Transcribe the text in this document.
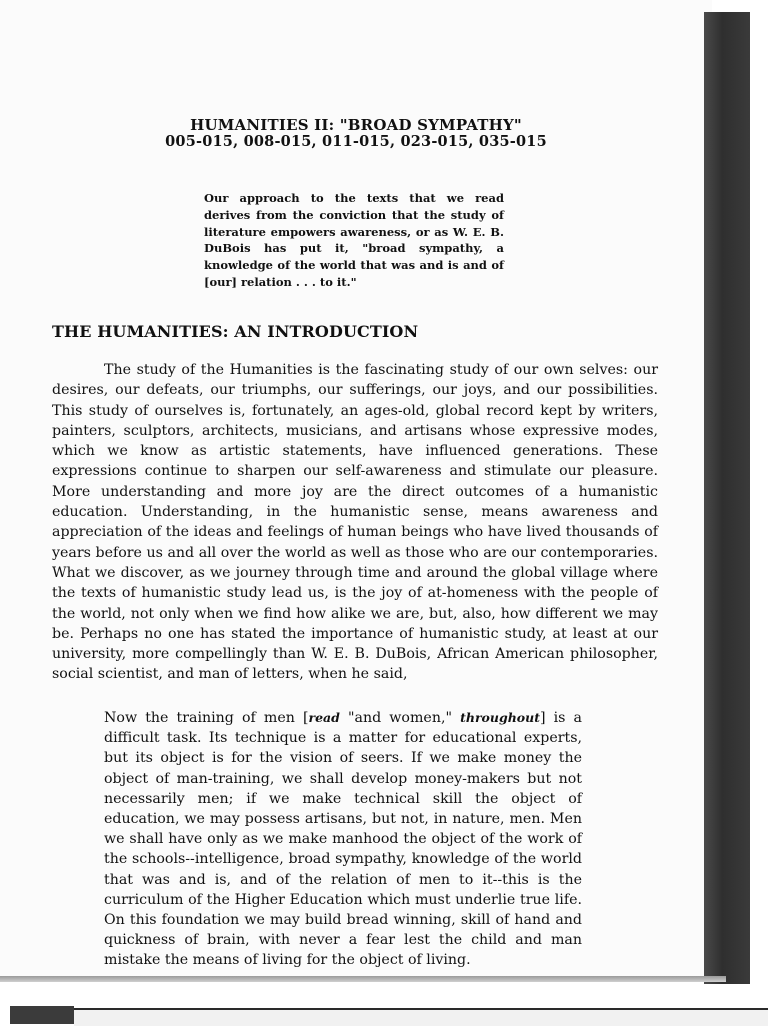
HUMANITIES II: "BROAD SYMPATHY"

005-015, 008-015, 011-015, 023-015, 035-015

Our approach to the texts that we read derives from the conviction that the study of literature empowers awareness, or as W. E. B. DuBois has put it, "broad sympathy, a knowledge of the world that was and is and of [our] relation . . . to it."

THE HUMANITIES: AN INTRODUCTION

The study of the Humanities is the fascinating study of our own selves: our desires, our defeats, our triumphs, our sufferings, our joys, and our possibilities. This study of ourselves is, fortunately, an ages-old, global record kept by writers, painters, sculptors, architects, musicians, and artisans whose expressive modes, which we know as artistic statements, have influenced generations. These expressions continue to sharpen our self-awareness and stimulate our pleasure. More understanding and more joy are the direct outcomes of a humanistic education. Understanding, in the humanistic sense, means awareness and appreciation of the ideas and feelings of human beings who have lived thousands of years before us and all over the world as well as those who are our contemporaries. What we discover, as we journey through time and around the global village where the texts of humanistic study lead us, is the joy of at-homeness with the people of the world, not only when we find how alike we are, but, also, how different we may be. Perhaps no one has stated the importance of humanistic study, at least at our university, more compellingly than W. E. B. DuBois, African American philosopher, social scientist, and man of letters, when he said,

Now the training of men [read "and women," throughout] is a difficult task. Its technique is a matter for educational experts, but its object is for the vision of seers. If we make money the object of man-training, we shall develop money-makers but not necessarily men; if we make technical skill the object of education, we may possess artisans, but not, in nature, men. Men we shall have only as we make manhood the object of the work of the schools--intelligence, broad sympathy, knowledge of the world that was and is, and of the relation of men to it--this is the curriculum of the Higher Education which must underlie true life. On this foundation we may build bread winning, skill of hand and quickness of brain, with never a fear lest the child and man mistake the means of living for the object of living.
